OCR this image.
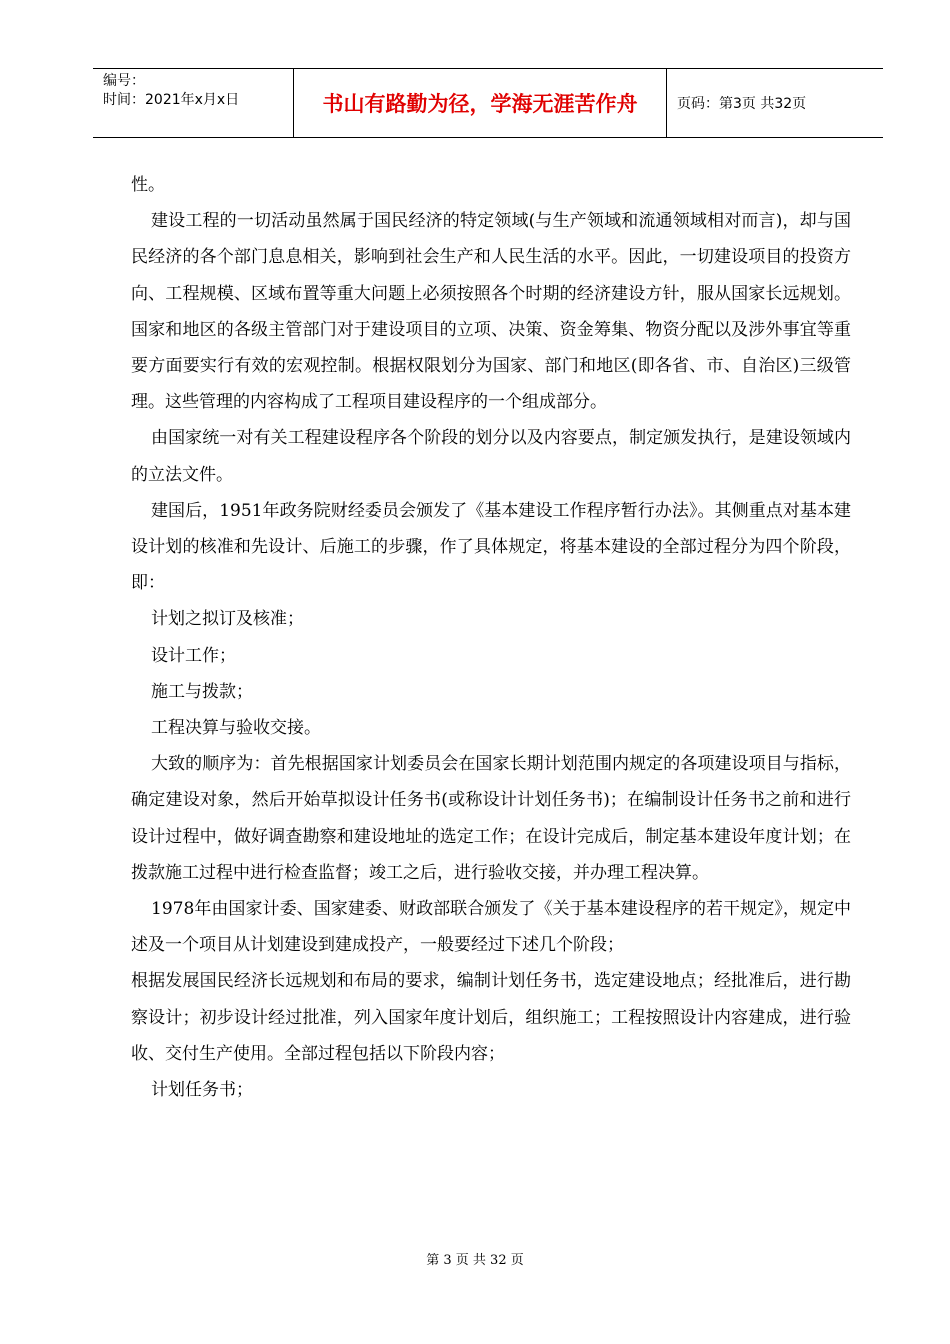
编号：
时间：2021年x月x日	书山有路勤为径，学海无涯苦作舟	页码：第3页 共32页

性。

建设工程的一切活动虽然属于国民经济的特定领域(与生产领域和流通领域相对而言)，却与国民经济的各个部门息息相关，影响到社会生产和人民生活的水平。因此，一切建设项目的投资方向、工程规模、区域布置等重大问题上必须按照各个时期的经济建设方针，服从国家长远规划。国家和地区的各级主管部门对于建设项目的立项、决策、资金筹集、物资分配以及涉外事宜等重要方面要实行有效的宏观控制。根据权限划分为国家、部门和地区(即各省、市、自治区)三级管理。这些管理的内容构成了工程项目建设程序的一个组成部分。

由国家统一对有关工程建设程序各个阶段的划分以及内容要点，制定颁发执行，是建设领域内的立法文件。

建国后，1951年政务院财经委员会颁发了《基本建设工作程序暂行办法》。其侧重点对基本建设计划的核准和先设计、后施工的步骤，作了具体规定，将基本建设的全部过程分为四个阶段，即：

计划之拟订及核准；

设计工作；

施工与拨款；

工程决算与验收交接。

大致的顺序为：首先根据国家计划委员会在国家长期计划范围内规定的各项建设项目与指标，确定建设对象，然后开始草拟设计任务书(或称设计计划任务书)；在编制设计任务书之前和进行设计过程中，做好调查勘察和建设地址的选定工作；在设计完成后，制定基本建设年度计划；在拨款施工过程中进行检查监督；竣工之后，进行验收交接，并办理工程决算。

1978年由国家计委、国家建委、财政部联合颁发了《关于基本建设程序的若干规定》，规定中述及一个项目从计划建设到建成投产，一般要经过下述几个阶段；

根据发展国民经济长远规划和布局的要求，编制计划任务书，选定建设地点；经批准后，进行勘察设计；初步设计经过批准，列入国家年度计划后，组织施工；工程按照设计内容建成，进行验收、交付生产使用。全部过程包括以下阶段内容；

计划任务书；

第 3 页 共 32 页
